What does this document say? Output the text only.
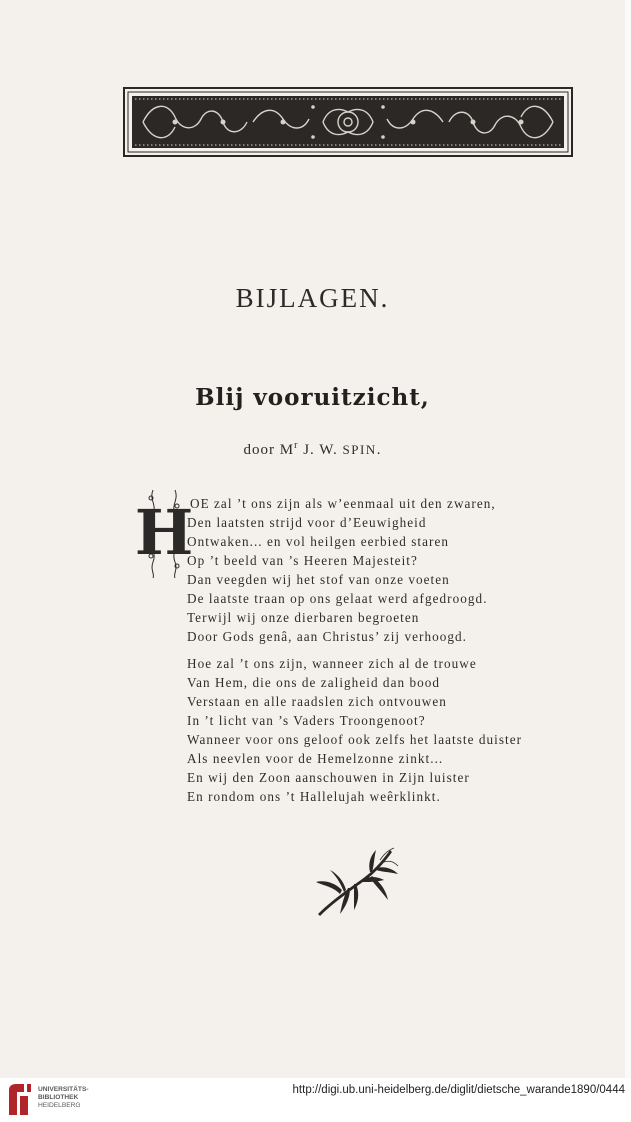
BIJLAGEN.
Blij vooruitzicht,
door $M^r$ J. W. SPIN.
H
OE zal ’t ons zijn als w’eenmaal uit den zwaren,
Den laatsten strijd voor d’Eeuwigheid
Ontwaken... en vol heilgen eerbied staren
Op ’t beeld van ’s Heeren Majesteit?
Dan veegden wij het stof van onze voeten
De laatste traan op ons gelaat werd afgedroogd.
Terwijl wij onze dierbaren begroeten
Door Gods genâ, aan Christus’ zij verhoogd.
Hoe zal ’t ons zijn, wanneer zich al de trouwe
Van Hem, die ons de zaligheid dan bood
Verstaan en alle raadslen zich ontvouwen
In ’t licht van ’s Vaders Troongenoot?
Wanneer voor ons geloof ook zelfs het laatste duister
Als neevlen voor de Hemelzonne zinkt...
En wij den Zoon aanschouwen in Zijn luister
En rondom ons ’t Hallelujah weêrklinkt.
UNIVERSITÄTS-
BIBLIOTHEK
HEIDELBERG
http://digi.ub.uni-heidelberg.de/diglit/dietsche_warande1890/0444
